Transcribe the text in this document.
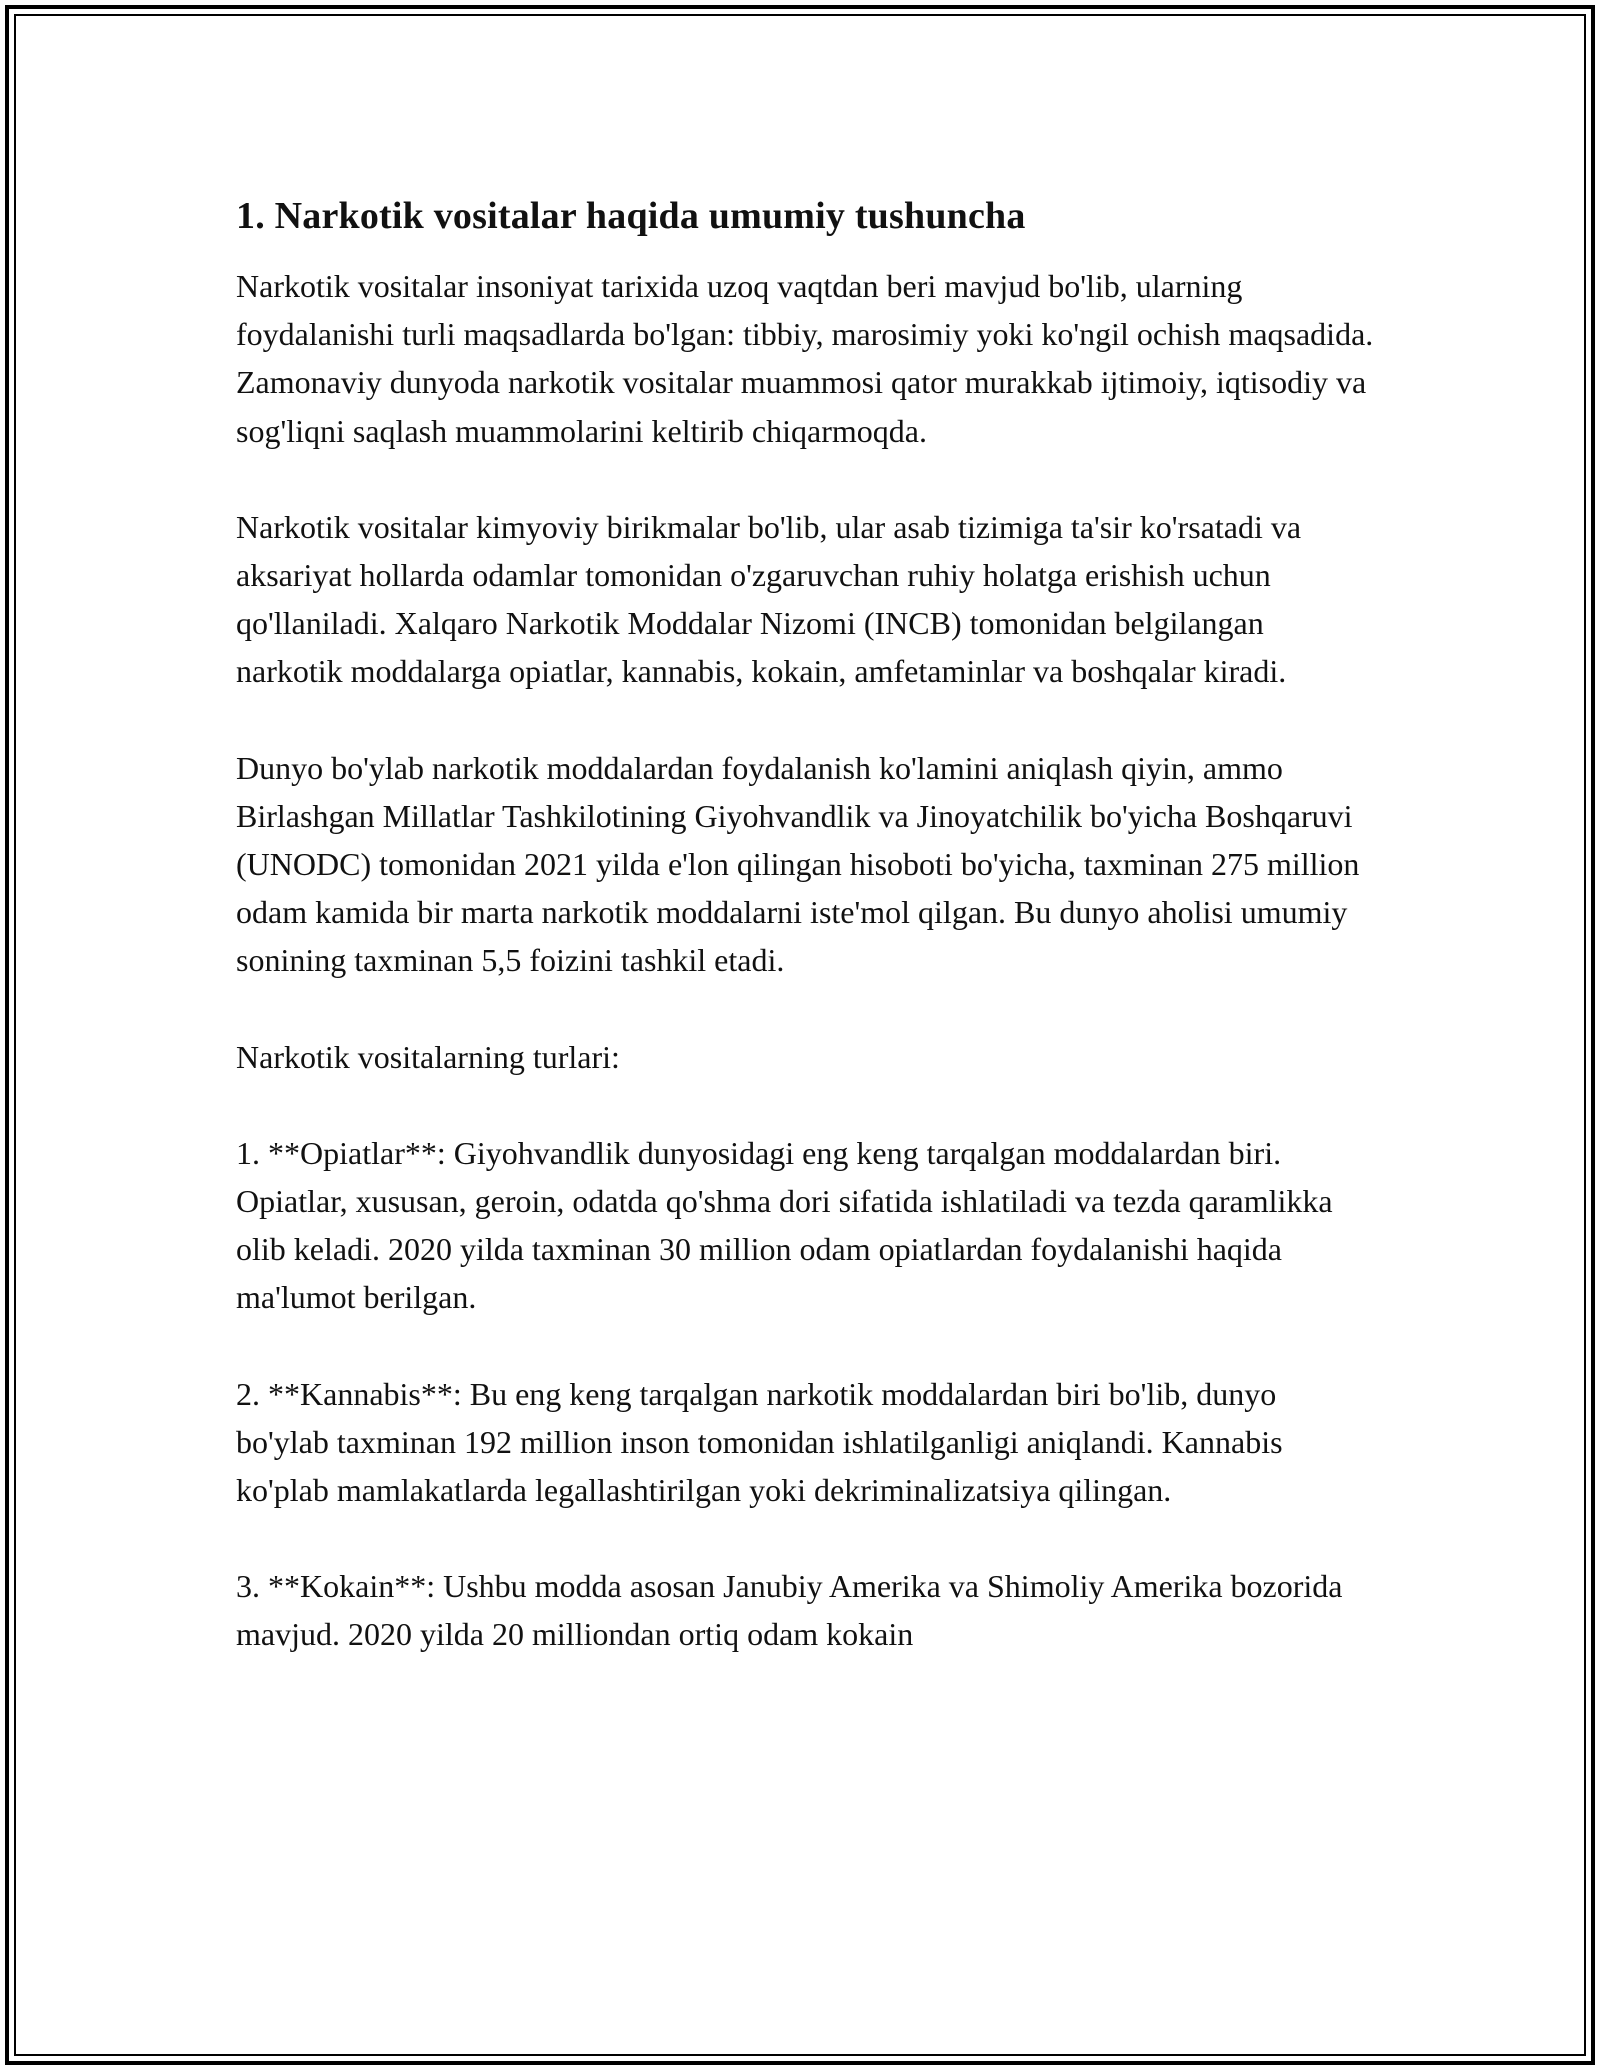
1. Narkotik vositalar haqida umumiy tushuncha

Narkotik vositalar insoniyat tarixida uzoq vaqtdan beri mavjud bo'lib, ularning foydalanishi turli maqsadlarda bo'lgan: tibbiy, marosimiy yoki ko'ngil ochish maqsadida. Zamonaviy dunyoda narkotik vositalar muammosi qator murakkab ijtimoiy, iqtisodiy va sog'liqni saqlash muammolarini keltirib chiqarmoqda.

Narkotik vositalar kimyoviy birikmalar bo'lib, ular asab tizimiga ta'sir ko'rsatadi va aksariyat hollarda odamlar tomonidan o'zgaruvchan ruhiy holatga erishish uchun qo'llaniladi. Xalqaro Narkotik Moddalar Nizomi (INCB) tomonidan belgilangan narkotik moddalarga opiatlar, kannabis, kokain, amfetaminlar va boshqalar kiradi.

Dunyo bo'ylab narkotik moddalardan foydalanish ko'lamini aniqlash qiyin, ammo Birlashgan Millatlar Tashkilotining Giyohvandlik va Jinoyatchilik bo'yicha Boshqaruvi (UNODC) tomonidan 2021 yilda e'lon qilingan hisoboti bo'yicha, taxminan 275 million odam kamida bir marta narkotik moddalarni iste'mol qilgan. Bu dunyo aholisi umumiy sonining taxminan 5,5 foizini tashkil etadi.

Narkotik vositalarning turlari:

1. **Opiatlar**: Giyohvandlik dunyosidagi eng keng tarqalgan moddalardan biri. Opiatlar, xususan, geroin, odatda qo'shma dori sifatida ishlatiladi va tezda qaramlikka olib keladi. 2020 yilda taxminan 30 million odam opiatlardan foydalanishi haqida ma'lumot berilgan.

2. **Kannabis**: Bu eng keng tarqalgan narkotik moddalardan biri bo'lib, dunyo bo'ylab taxminan 192 million inson tomonidan ishlatilganligi aniqlandi. Kannabis ko'plab mamlakatlarda legallashtirilgan yoki dekriminalizatsiya qilingan.

3. **Kokain**: Ushbu modda asosan Janubiy Amerika va Shimoliy Amerika bozorida mavjud. 2020 yilda 20 milliondan ortiq odam kokain
